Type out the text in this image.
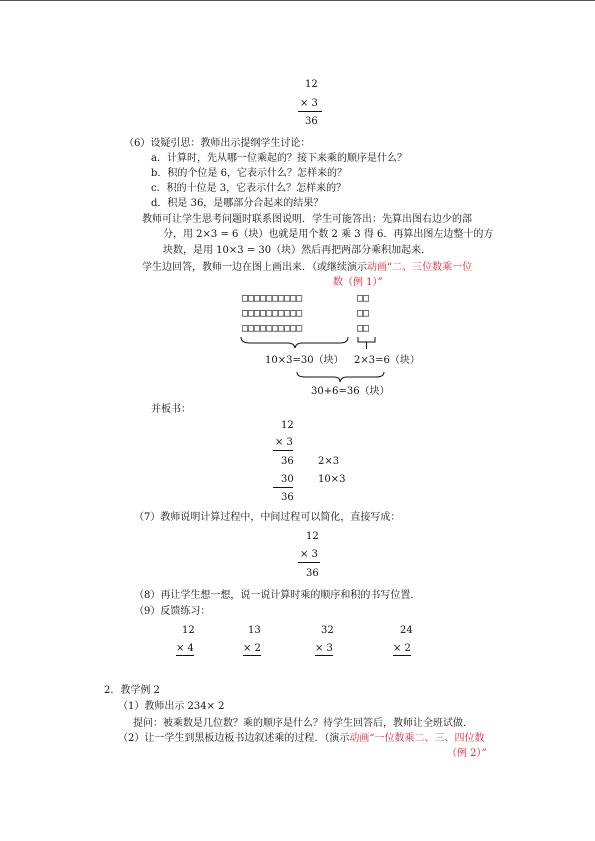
12
× 3
36
（6）设疑引思：教师出示提纲学生讨论：
a．计算时，先从哪一位乘起的？接下来乘的顺序是什么？
b．积的个位是 6，它表示什么？怎样来的？
c．积的十位是 3，它表示什么？怎样来的？
d．积是 36，是哪部分合起来的结果？
教师可让学生思考问题时联系图说明．学生可能答出：先算出图右边少的部
分，用 2×3 = 6（块）也就是用个数 2 乘 3 得 6．再算出图左边整十的方
块数，是用 10×3 = 30（块）然后再把两部分乘积加起来．
学生边回答，教师一边在图上画出来．（或继续演示动画“二、三位数乘一位
数（例 1）”
□□□□□□□□□□
□□□□□□□□□□
□□□□□□□□□□
□□
□□
□□
10×3=30（块） 2×3=6（块）
30+6=36（块）
并板书：
12
× 3
36 2×3
30 10×3
36
（7）教师说明计算过程中，中间过程可以简化，直接写成：
12
× 3
36
（8）再让学生想一想，说一说计算时乘的顺序和积的书写位置．
（9）反馈练习：
12
× 4
13
× 2
32
× 3
24
× 2
2．教学例 2
（1）教师出示 234× 2
提问：被乘数是几位数？乘的顺序是什么？待学生回答后，教师让全班试做．
（2）让一学生到黑板边板书边叙述乘的过程．（演示动画“一位数乘二、三、四位数
（例 2）”
